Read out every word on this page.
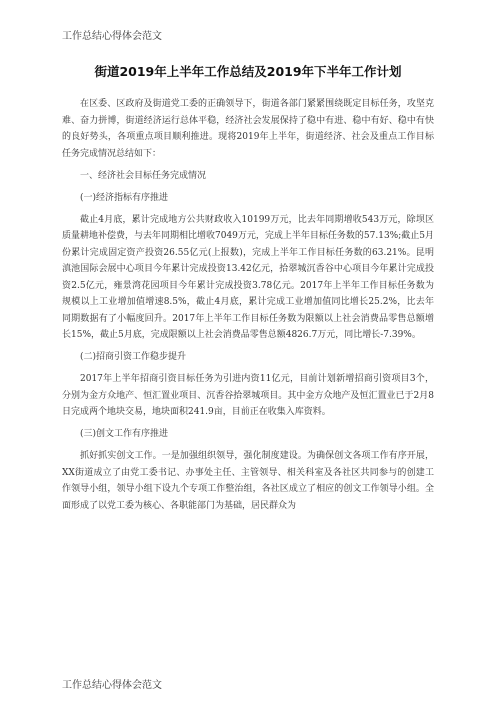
工作总结心得体会范文
街道2019年上半年工作总结及2019年下半年工作计划

在区委、区政府及街道党工委的正确领导下，街道各部门紧紧围绕既定目标任务，攻坚克难、奋力拼博，街道经济运行总体平稳，经济社会发展保持了稳中有进、稳中有好、稳中有快的良好势头，各项重点项目顺利推进。现将2019年上半年，街道经济、社会及重点工作目标任务完成情况总结如下：

一、经济社会目标任务完成情况

(一)经济指标有序推进

截止4月底，累计完成地方公共财政收入10199万元，比去年同期增收543万元，除坝区质量耕地补偿费，与去年同期相比增收7049万元，完成上半年目标任务数的57.13%;截止5月份累计完成固定资产投资26.55亿元(上报数)，完成上半年工作目标任务数的63.21%。昆明滇池国际会展中心项目今年累计完成投资13.42亿元，拾翠城沉香谷中心项目今年累计完成投资2.5亿元，雍景湾花园项目今年累计完成投资3.78亿元。2017年上半年工作目标任务数为规模以上工业增加值增速8.5%，截止4月底，累计完成工业增加值同比增长25.2%，比去年同期数据有了小幅度回升。2017年上半年工作目标任务数为限额以上社会消费品零售总额增长15%，截止5月底，完成限额以上社会消费品零售总额4826.7万元，同比增长-7.39%。

(二)招商引资工作稳步提升

2017年上半年招商引资目标任务为引进内资11亿元，目前计划新增招商引资项目3个，分别为金方众地产、恒汇置业项目、沉香谷拾翠城项目。其中金方众地产及恒汇置业已于2月8日完成两个地块交易，地块面积241.9亩，目前正在收集入库资料。

(三)创文工作有序推进

抓好抓实创文工作。一是加强组织领导，强化制度建设。为确保创文各项工作有序开展，XX街道成立了由党工委书记、办事处主任、主管领导、相关科室及各社区共同参与的创建工作领导小组，领导小组下设九个专项工作整治组，各社区成立了相应的创文工作领导小组。全面形成了以党工委为核心、各职能部门为基础，居民群众为

工作总结心得体会范文
